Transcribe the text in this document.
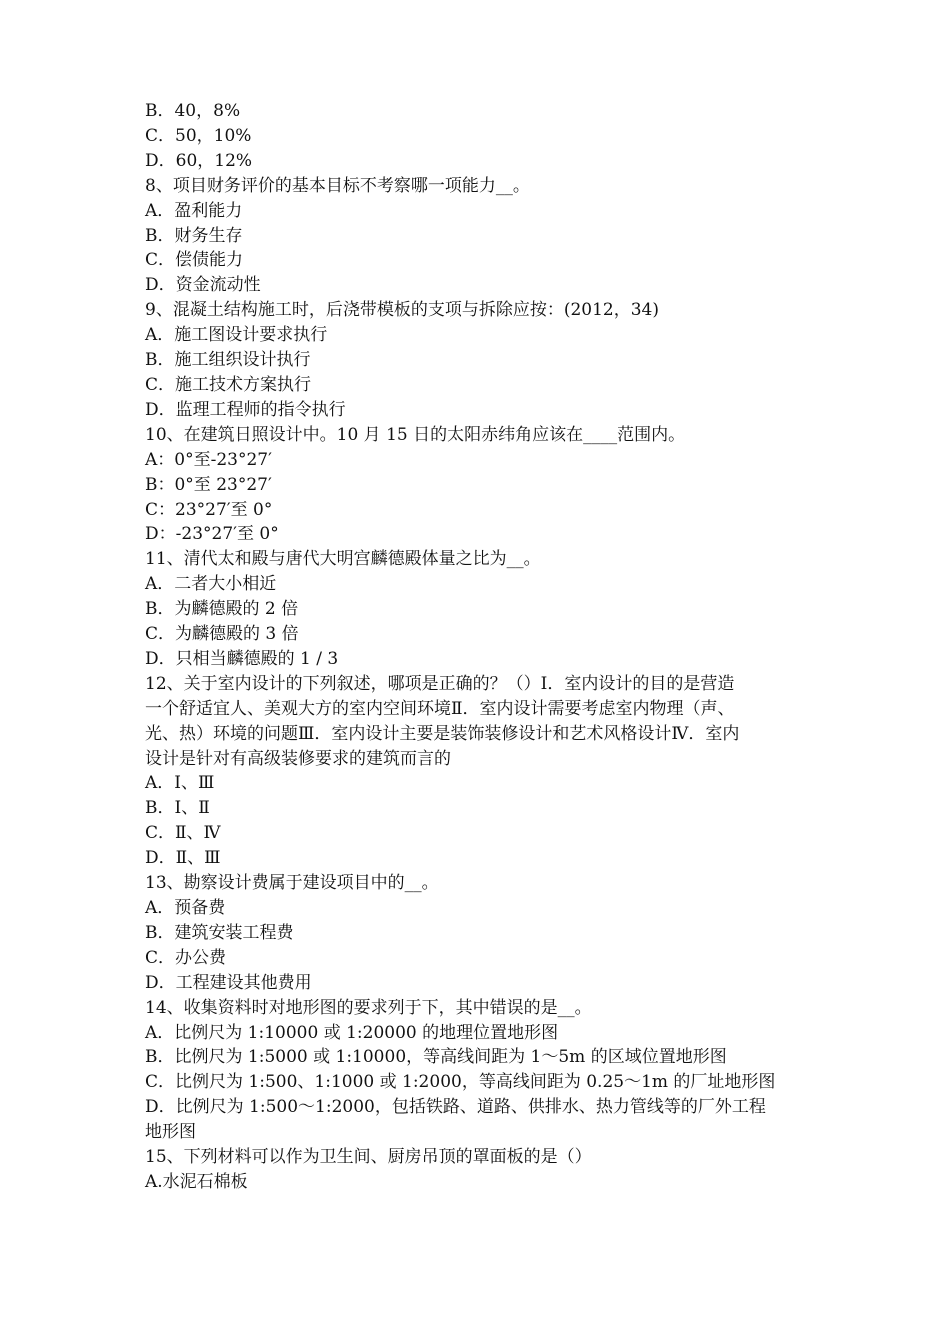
B．40，8%

C．50，10%

D．60，12%

8、项目财务评价的基本目标不考察哪一项能力__。

A．盈利能力

B．财务生存

C．偿债能力

D．资金流动性

9、混凝土结构施工时，后浇带模板的支项与拆除应按：(2012，34)

A．施工图设计要求执行

B．施工组织设计执行

C．施工技术方案执行

D．监理工程师的指令执行

10、在建筑日照设计中。10 月 15 日的太阳赤纬角应该在____范围内。

A：0°至-23°27′

B：0°至 23°27′

C：23°27′至 0°

D：-23°27′至 0°

11、清代太和殿与唐代大明宫麟德殿体量之比为__。

A．二者大小相近

B．为麟德殿的 2 倍

C．为麟德殿的 3 倍

D．只相当麟德殿的 1 / 3

12、关于室内设计的下列叙述，哪项是正确的？（）Ⅰ．室内设计的目的是营造

一个舒适宜人、美观大方的室内空间环境Ⅱ．室内设计需要考虑室内物理（声、

光、热）环境的问题Ⅲ．室内设计主要是装饰装修设计和艺术风格设计Ⅳ．室内

设计是针对有高级装修要求的建筑而言的

A．Ⅰ、Ⅲ

B．Ⅰ、Ⅱ

C．Ⅱ、Ⅳ

D．Ⅱ、Ⅲ

13、勘察设计费属于建设项目中的__。

A．预备费

B．建筑安装工程费

C．办公费

D．工程建设其他费用

14、收集资料时对地形图的要求列于下，其中错误的是__。

A．比例尺为 1:10000 或 1:20000 的地理位置地形图

B．比例尺为 1:5000 或 1:10000，等高线间距为 1～5m 的区域位置地形图

C．比例尺为 1:500、1:1000 或 1:2000，等高线间距为 0.25～1m 的厂址地形图

D．比例尺为 1:500～1:2000，包括铁路、道路、供排水、热力管线等的厂外工程

地形图

15、下列材料可以作为卫生间、厨房吊顶的罩面板的是（）

A.水泥石棉板
